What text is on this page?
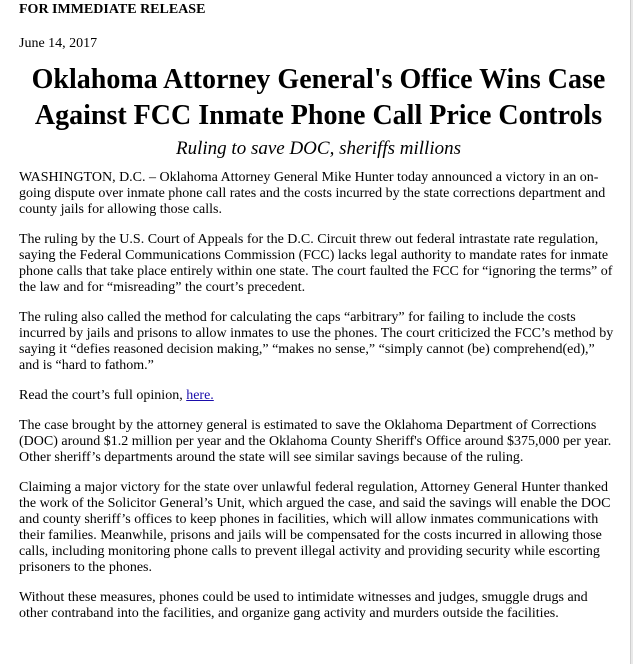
FOR IMMEDIATE RELEASE

June 14, 2017

Oklahoma Attorney General's Office Wins Case Against FCC Inmate Phone Call Price Controls

Ruling to save DOC, sheriffs millions

WASHINGTON, D.C. – Oklahoma Attorney General Mike Hunter today announced a victory in an on-going dispute over inmate phone call rates and the costs incurred by the state corrections department and county jails for allowing those calls.

The ruling by the U.S. Court of Appeals for the D.C. Circuit threw out federal intrastate rate regulation, saying the Federal Communications Commission (FCC) lacks legal authority to mandate rates for inmate phone calls that take place entirely within one state. The court faulted the FCC for “ignoring the terms” of the law and for “misreading” the court’s precedent.

The ruling also called the method for calculating the caps “arbitrary” for failing to include the costs incurred by jails and prisons to allow inmates to use the phones. The court criticized the FCC’s method by saying it “defies reasoned decision making,” “makes no sense,” “simply cannot (be) comprehend(ed),” and is “hard to fathom.”

Read the court’s full opinion, here.

The case brought by the attorney general is estimated to save the Oklahoma Department of Corrections (DOC) around $1.2 million per year and the Oklahoma County Sheriff's Office around $375,000 per year. Other sheriff’s departments around the state will see similar savings because of the ruling.

Claiming a major victory for the state over unlawful federal regulation, Attorney General Hunter thanked the work of the Solicitor General’s Unit, which argued the case, and said the savings will enable the DOC and county sheriff’s offices to keep phones in facilities, which will allow inmates communications with their families. Meanwhile, prisons and jails will be compensated for the costs incurred in allowing those calls, including monitoring phone calls to prevent illegal activity and providing security while escorting prisoners to the phones.

Without these measures, phones could be used to intimidate witnesses and judges, smuggle drugs and other contraband into the facilities, and organize gang activity and murders outside the facilities.
